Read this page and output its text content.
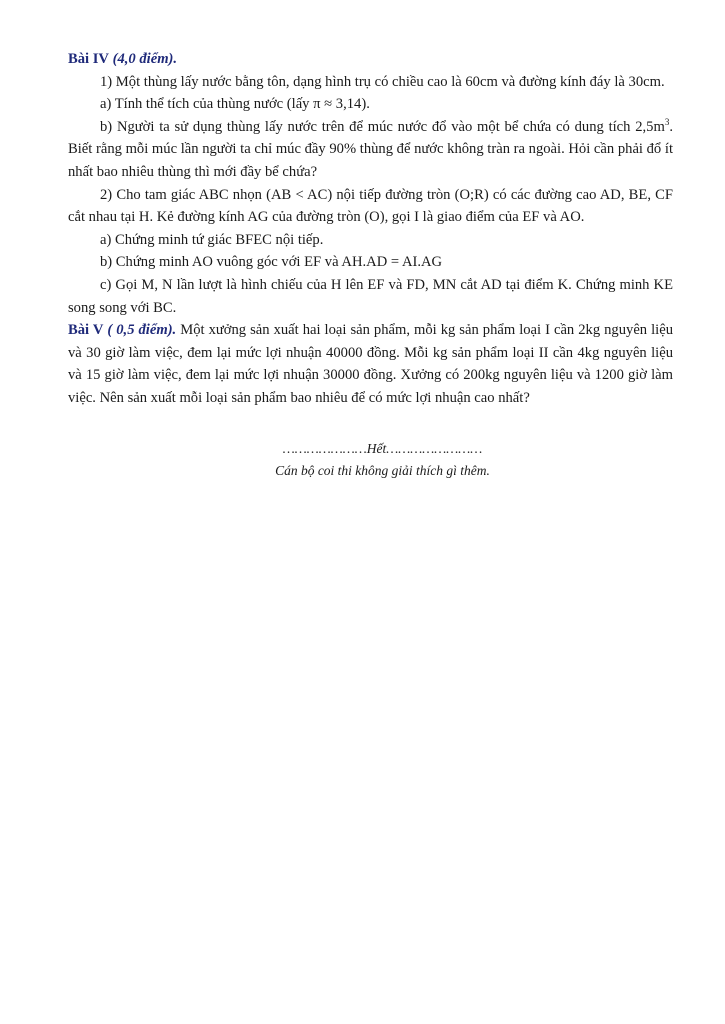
Bài IV (4,0 điểm).

1) Một thùng lấy nước bằng tôn, dạng hình trụ có chiều cao là 60cm và đường kính đáy là 30cm.

a) Tính thể tích của thùng nước (lấy π ≈ 3,14).

b) Người ta sử dụng thùng lấy nước trên để múc nước đổ vào một bể chứa có dung tích $2,5m^3$. Biết rằng mỗi múc lần người ta chỉ múc đầy 90% thùng để nước không tràn ra ngoài. Hỏi cần phải đổ ít nhất bao nhiêu thùng thì mới đầy bể chứa?

2) Cho tam giác ABC nhọn (AB < AC) nội tiếp đường tròn (O;R) có các đường cao AD, BE, CF cắt nhau tại H. Kẻ đường kính AG của đường tròn (O), gọi I là giao điểm của EF và AO.

a) Chứng minh tứ giác BFEC nội tiếp.

b) Chứng minh AO vuông góc với EF và AH.AD = AI.AG

c) Gọi M, N lần lượt là hình chiếu của H lên EF và FD, MN cắt AD tại điểm K. Chứng minh KE song song với BC.

Bài V ( 0,5 điểm). Một xưởng sản xuất hai loại sản phẩm, mỗi kg sản phẩm loại I cần 2kg nguyên liệu và 30 giờ làm việc, đem lại mức lợi nhuận 40000 đồng. Mỗi kg sản phẩm loại II cần 4kg nguyên liệu và 15 giờ làm việc, đem lại mức lợi nhuận 30000 đồng. Xưởng có 200kg nguyên liệu và 1200 giờ làm việc. Nên sản xuất mỗi loại sản phẩm bao nhiêu để có mức lợi nhuận cao nhất?

…………………Hết……………………
Cán bộ coi thi không giải thích gì thêm.
